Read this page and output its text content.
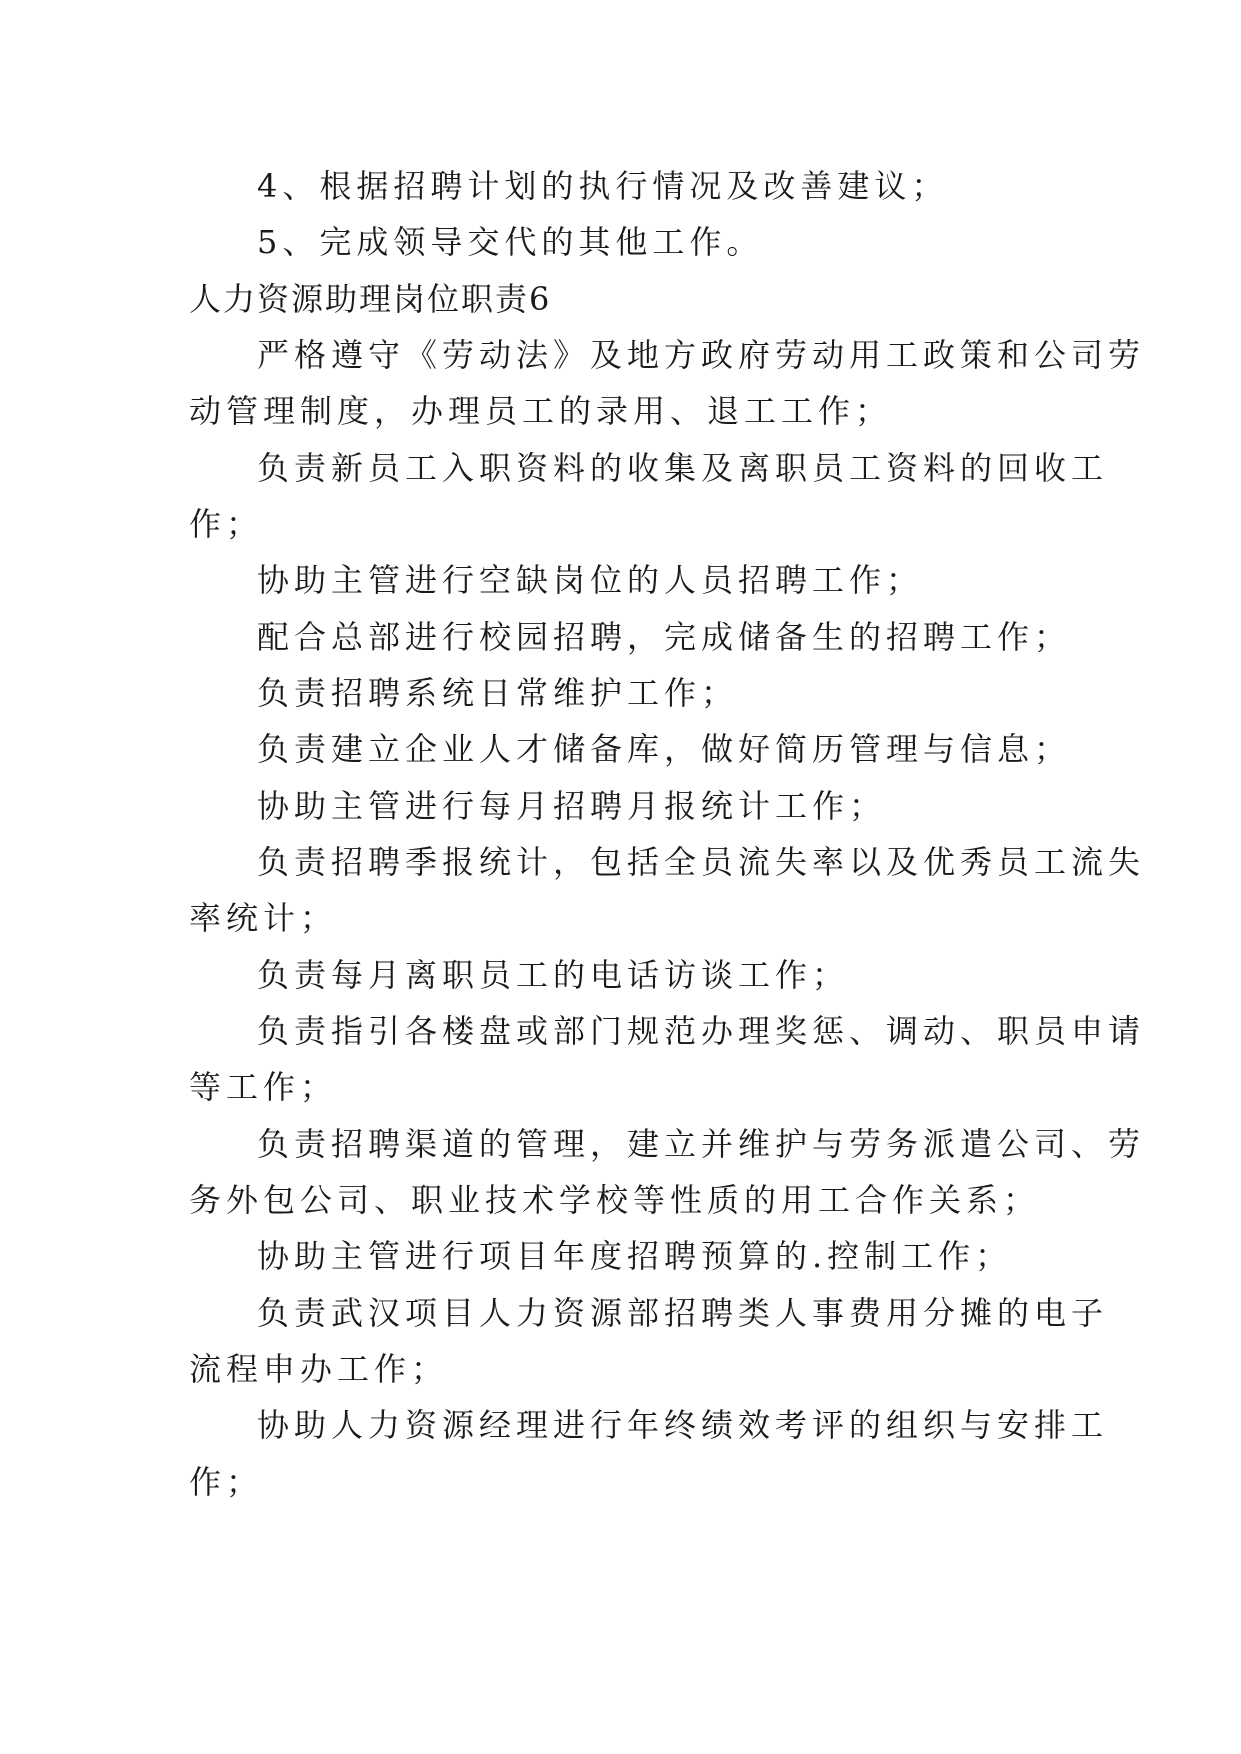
4、根据招聘计划的执行情况及改善建议；
5、完成领导交代的其他工作。
人力资源助理岗位职责6
严格遵守《劳动法》及地方政府劳动用工政策和公司劳
动管理制度，办理员工的录用、退工工作；
负责新员工入职资料的收集及离职员工资料的回收工
作；
协助主管进行空缺岗位的人员招聘工作；
配合总部进行校园招聘，完成储备生的招聘工作；
负责招聘系统日常维护工作；
负责建立企业人才储备库，做好简历管理与信息；
协助主管进行每月招聘月报统计工作；
负责招聘季报统计，包括全员流失率以及优秀员工流失
率统计；
负责每月离职员工的电话访谈工作；
负责指引各楼盘或部门规范办理奖惩、调动、职员申请
等工作；
负责招聘渠道的管理，建立并维护与劳务派遣公司、劳
务外包公司、职业技术学校等性质的用工合作关系；
协助主管进行项目年度招聘预算的.控制工作；
负责武汉项目人力资源部招聘类人事费用分摊的电子
流程申办工作；
协助人力资源经理进行年终绩效考评的组织与安排工
作；
